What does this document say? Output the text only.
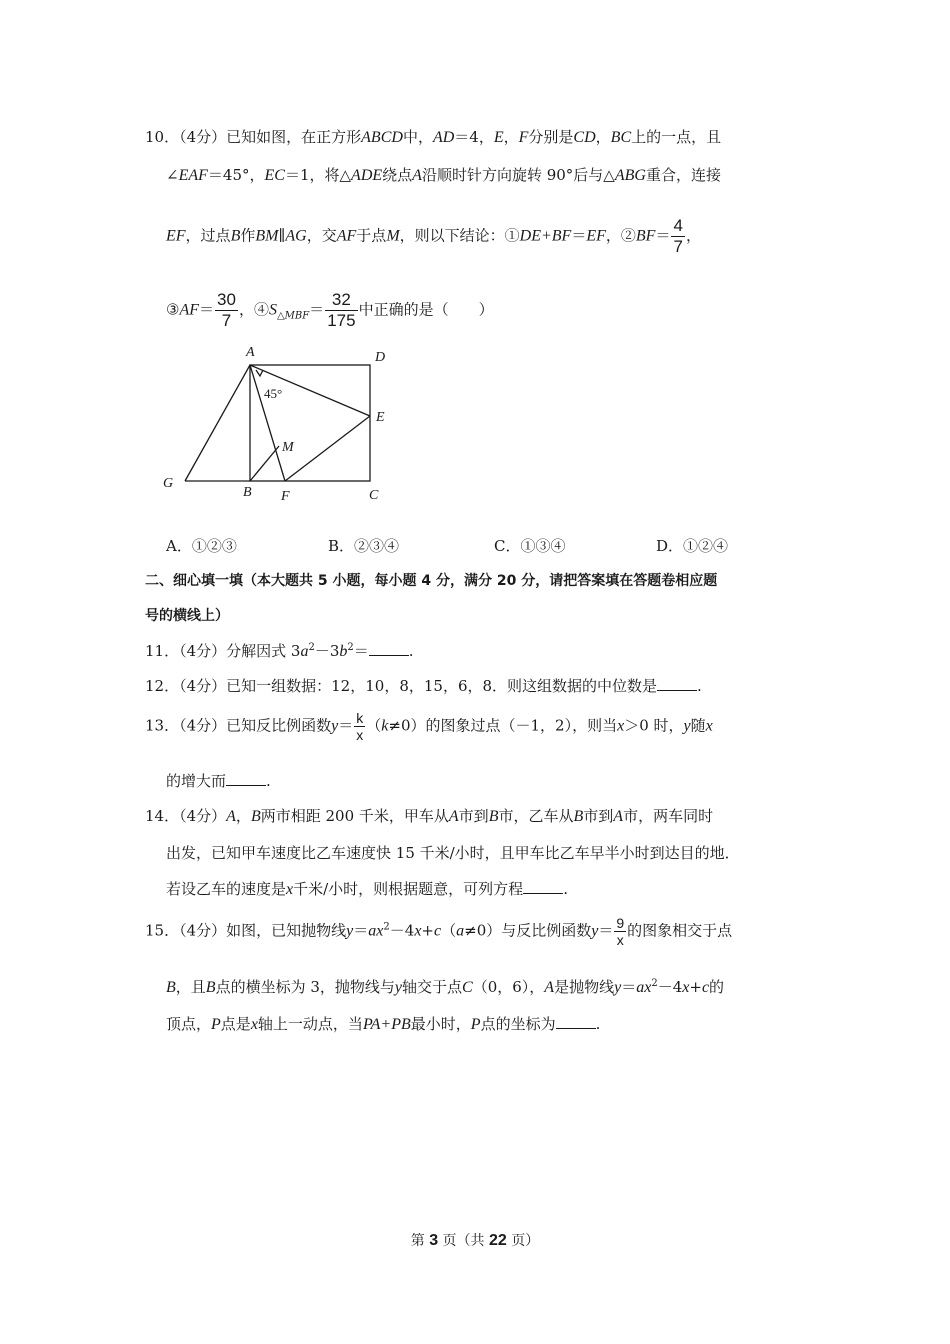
10．（4分）已知如图，在正方形ABCD中，AD＝4，E，F分别是CD，BC上的一点，且
∠EAF＝45°，EC＝1，将△ADE绕点A沿顺时针方向旋转 90°后与△ABG重合，连接
EF，过点B作BM∥AG，交AF于点M，则以下结论：①DE+BF＝EF，②BF＝ $\frac{4}{7}$ ，
③AF＝ $\frac{30}{7}$ ，$④S_{\triangle MBF}= \frac{32}{175}$ 中正确的是（　　）
A	D
E
C
B F
G
M
45°
A．①②③	B．②③④	C．①③④	D．①②④
二、细心填一填（本大题共 5 小题，每小题 4 分，满分 20 分，请把答案填在答题卷相应题
号的横线上）
11．（4分）分解因式 $3a^2-3b^2=$	.
12．（4分）已知一组数据：12，10，8，15，6，8．则这组数据的中位数是	.
13．（4分）已知反比例函数$y= \frac{k}{x} (k\ne 0)$的图象过点（－1，2），则当x＞0 时，y随x
的增大而	.
14．（4分）A，B两市相距 200 千米，甲车从A市到B市，乙车从B市到A市，两车同时
出发，已知甲车速度比乙车速度快 15 千米/小时，且甲车比乙车早半小时到达目的地．
若设乙车的速度是x千米/小时，则根据题意，可列方程	.
15．（4分）如图，已知抛物线$y=ax^2-4x+c(a\ne 0)$与反比例函数$y= \frac{9}{x}$ 的图象相交于点
B，且B点的横坐标为 3，抛物线与y轴交于点C（0，6），A是抛物线$y=ax^2-4x+c$的
顶点，P点是x轴上一动点，当PA+PB最小时，P点的坐标为	.
第 3 页（共 22 页）
